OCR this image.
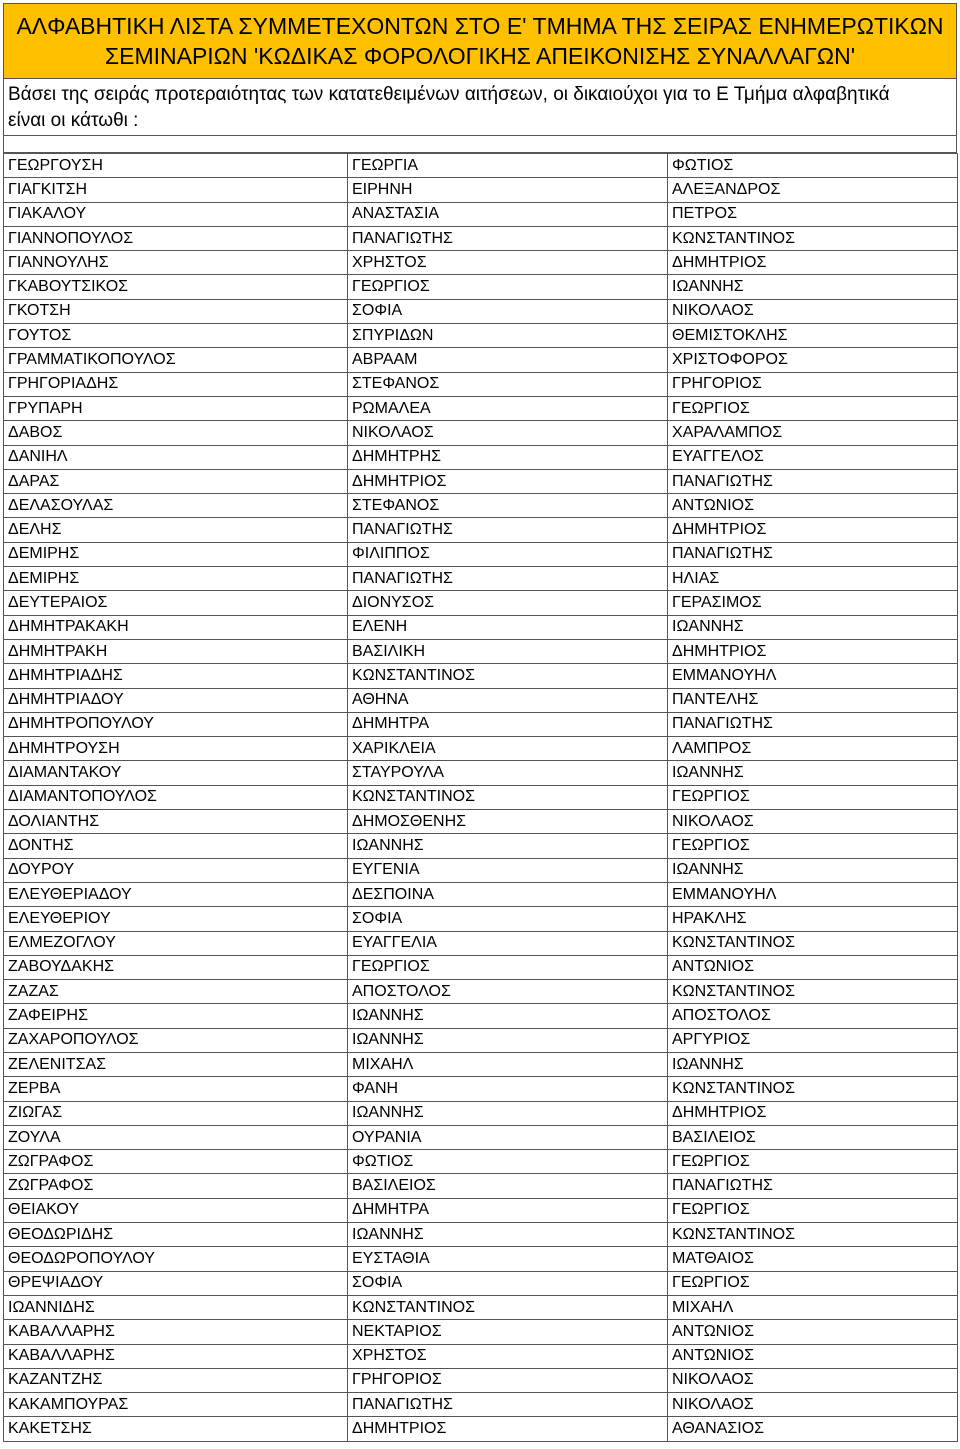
ΑΛΦΑΒΗΤΙΚΗ ΛΙΣΤΑ ΣΥΜΜΕΤΕΧΟΝΤΩΝ ΣΤΟ Ε' ΤΜΗΜΑ ΤΗΣ ΣΕΙΡΑΣ ΕΝΗΜΕΡΩΤΙΚΩΝ
ΣΕΜΙΝΑΡΙΩΝ 'ΚΩΔΙΚΑΣ ΦΟΡΟΛΟΓΙΚΗΣ ΑΠΕΙΚΟΝΙΣΗΣ ΣΥΝΑΛΛΑΓΩΝ'
Βάσει της σειράς προτεραιότητας των κατατεθειμένων αιτήσεων, οι δικαιούχοι για το Ε Τμήμα αλφαβητικά
είναι οι κάτωθι :
ΓΕΩΡΓΟΥΣΗ	ΓΕΩΡΓΙΑ	ΦΩΤΙΟΣ
ΓΙΑΓΚΙΤΣΗ	ΕΙΡΗΝΗ	ΑΛΕΞΑΝΔΡΟΣ
ΓΙΑΚΑΛΟΥ	ΑΝΑΣΤΑΣΙΑ	ΠΕΤΡΟΣ
ΓΙΑΝΝΟΠΟΥΛΟΣ	ΠΑΝΑΓΙΩΤΗΣ	ΚΩΝΣΤΑΝΤΙΝΟΣ
ΓΙΑΝΝΟΥΛΗΣ	ΧΡΗΣΤΟΣ	ΔΗΜΗΤΡΙΟΣ
ΓΚΑΒΟΥΤΣΙΚΟΣ	ΓΕΩΡΓΙΟΣ	ΙΩΑΝΝΗΣ
ΓΚΟΤΣΗ	ΣΟΦΙΑ	ΝΙΚΟΛΑΟΣ
ΓΟΥΤΟΣ	ΣΠΥΡΙΔΩΝ	ΘΕΜΙΣΤΟΚΛΗΣ
ΓΡΑΜΜΑΤΙΚΟΠΟΥΛΟΣ	ΑΒΡΑΑΜ	ΧΡΙΣΤΟΦΟΡΟΣ
ΓΡΗΓΟΡΙΑΔΗΣ	ΣΤΕΦΑΝΟΣ	ΓΡΗΓΟΡΙΟΣ
ΓΡΥΠΑΡΗ	ΡΩΜΑΛΕΑ	ΓΕΩΡΓΙΟΣ
ΔΑΒΟΣ	ΝΙΚΟΛΑΟΣ	ΧΑΡΑΛΑΜΠΟΣ
ΔΑΝΙΗΛ	ΔΗΜΗΤΡΗΣ	ΕΥΑΓΓΕΛΟΣ
ΔΑΡΑΣ	ΔΗΜΗΤΡΙΟΣ	ΠΑΝΑΓΙΩΤΗΣ
ΔΕΛΑΣΟΥΛΑΣ	ΣΤΕΦΑΝΟΣ	ΑΝΤΩΝΙΟΣ
ΔΕΛΗΣ	ΠΑΝΑΓΙΩΤΗΣ	ΔΗΜΗΤΡΙΟΣ
ΔΕΜΙΡΗΣ	ΦΙΛΙΠΠΟΣ	ΠΑΝΑΓΙΩΤΗΣ
ΔΕΜΙΡΗΣ	ΠΑΝΑΓΙΩΤΗΣ	ΗΛΙΑΣ
ΔΕΥΤΕΡΑΙΟΣ	ΔΙΟΝΥΣΟΣ	ΓΕΡΑΣΙΜΟΣ
ΔΗΜΗΤΡΑΚΑΚΗ	ΕΛΕΝΗ	ΙΩΑΝΝΗΣ
ΔΗΜΗΤΡΑΚΗ	ΒΑΣΙΛΙΚΗ	ΔΗΜΗΤΡΙΟΣ
ΔΗΜΗΤΡΙΑΔΗΣ	ΚΩΝΣΤΑΝΤΙΝΟΣ	ΕΜΜΑΝΟΥΗΛ
ΔΗΜΗΤΡΙΑΔΟΥ	ΑΘΗΝΑ	ΠΑΝΤΕΛΗΣ
ΔΗΜΗΤΡΟΠΟΥΛΟΥ	ΔΗΜΗΤΡΑ	ΠΑΝΑΓΙΩΤΗΣ
ΔΗΜΗΤΡΟΥΣΗ	ΧΑΡΙΚΛΕΙΑ	ΛΑΜΠΡΟΣ
ΔΙΑΜΑΝΤΑΚΟΥ	ΣΤΑΥΡΟΥΛΑ	ΙΩΑΝΝΗΣ
ΔΙΑΜΑΝΤΟΠΟΥΛΟΣ	ΚΩΝΣΤΑΝΤΙΝΟΣ	ΓΕΩΡΓΙΟΣ
ΔΟΛΙΑΝΤΗΣ	ΔΗΜΟΣΘΕΝΗΣ	ΝΙΚΟΛΑΟΣ
ΔΟΝΤΗΣ	ΙΩΑΝΝΗΣ	ΓΕΩΡΓΙΟΣ
ΔΟΥΡΟΥ	ΕΥΓΕΝΙΑ	ΙΩΑΝΝΗΣ
ΕΛΕΥΘΕΡΙΑΔΟΥ	ΔΕΣΠΟΙΝΑ	ΕΜΜΑΝΟΥΗΛ
ΕΛΕΥΘΕΡΙΟΥ	ΣΟΦΙΑ	ΗΡΑΚΛΗΣ
ΕΛΜΕΖΟΓΛΟΥ	ΕΥΑΓΓΕΛΙΑ	ΚΩΝΣΤΑΝΤΙΝΟΣ
ΖΑΒΟΥΔΑΚΗΣ	ΓΕΩΡΓΙΟΣ	ΑΝΤΩΝΙΟΣ
ΖΑΖΑΣ	ΑΠΟΣΤΟΛΟΣ	ΚΩΝΣΤΑΝΤΙΝΟΣ
ΖΑΦΕΙΡΗΣ	ΙΩΑΝΝΗΣ	ΑΠΟΣΤΟΛΟΣ
ΖΑΧΑΡΟΠΟΥΛΟΣ	ΙΩΑΝΝΗΣ	ΑΡΓΥΡΙΟΣ
ΖΕΛΕΝΙΤΣΑΣ	ΜΙΧΑΗΛ	ΙΩΑΝΝΗΣ
ΖΕΡΒΑ	ΦΑΝΗ	ΚΩΝΣΤΑΝΤΙΝΟΣ
ΖΙΩΓΑΣ	ΙΩΑΝΝΗΣ	ΔΗΜΗΤΡΙΟΣ
ΖΟΥΛΑ	ΟΥΡΑΝΙΑ	ΒΑΣΙΛΕΙΟΣ
ΖΩΓΡΑΦΟΣ	ΦΩΤΙΟΣ	ΓΕΩΡΓΙΟΣ
ΖΩΓΡΑΦΟΣ	ΒΑΣΙΛΕΙΟΣ	ΠΑΝΑΓΙΩΤΗΣ
ΘΕΙΑΚΟΥ	ΔΗΜΗΤΡΑ	ΓΕΩΡΓΙΟΣ
ΘΕΟΔΩΡΙΔΗΣ	ΙΩΑΝΝΗΣ	ΚΩΝΣΤΑΝΤΙΝΟΣ
ΘΕΟΔΩΡΟΠΟΥΛΟΥ	ΕΥΣΤΑΘΙΑ	ΜΑΤΘΑΙΟΣ
ΘΡΕΨΙΑΔΟΥ	ΣΟΦΙΑ	ΓΕΩΡΓΙΟΣ
ΙΩΑΝΝΙΔΗΣ	ΚΩΝΣΤΑΝΤΙΝΟΣ	ΜΙΧΑΗΛ
ΚΑΒΑΛΛΑΡΗΣ	ΝΕΚΤΑΡΙΟΣ	ΑΝΤΩΝΙΟΣ
ΚΑΒΑΛΛΑΡΗΣ	ΧΡΗΣΤΟΣ	ΑΝΤΩΝΙΟΣ
ΚΑΖΑΝΤΖΗΣ	ΓΡΗΓΟΡΙΟΣ	ΝΙΚΟΛΑΟΣ
ΚΑΚΑΜΠΟΥΡΑΣ	ΠΑΝΑΓΙΩΤΗΣ	ΝΙΚΟΛΑΟΣ
ΚΑΚΕΤΣΗΣ	ΔΗΜΗΤΡΙΟΣ	ΑΘΑΝΑΣΙΟΣ
